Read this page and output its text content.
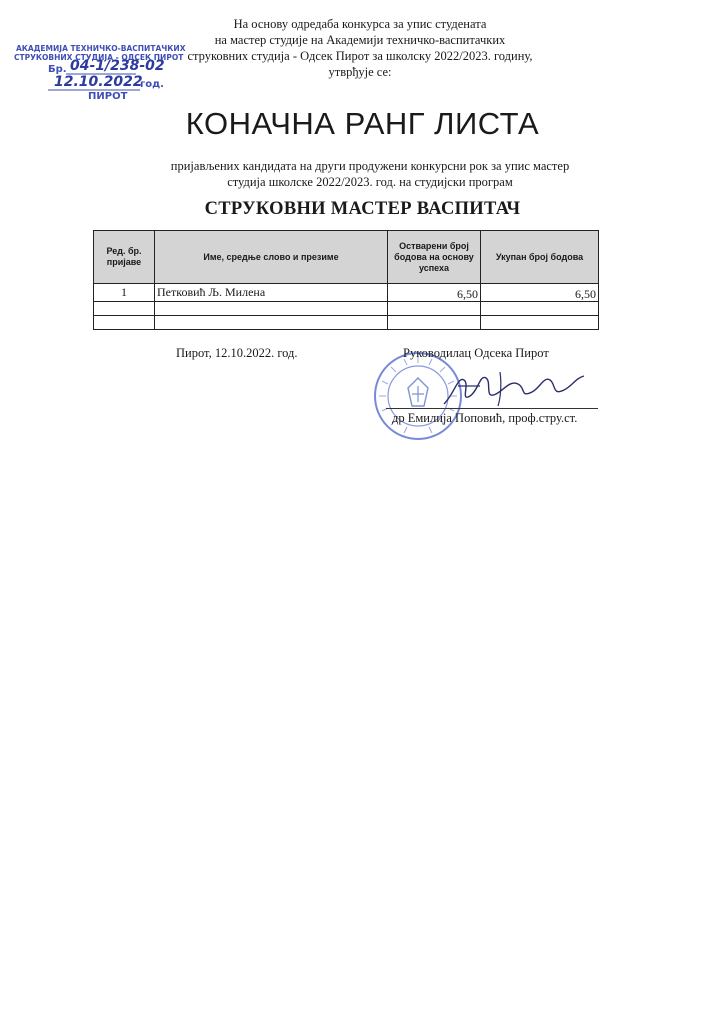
На основу одредаба конкурса за упис студената
на мастер студије на Академији техничко-васпитачких
струковних студија - Одсек Пирот за школску 2022/2023. годину,
утврђује се:
АКАДЕМИЈА ТЕХНИЧКО-ВАСПИТАЧКИХ
СТРУКОВНИХ СТУДИЈА - ОДСЕК ПИРОТ
Бр. 04-1/238-02
12.10.2022
год.
ПИРОТ
КОНАЧНА РАНГ ЛИСТА
пријављених кандидата на други продужени конкурсни рок за упис мастер
студија школске 2022/2023. год. на студијски програм
СТРУКОВНИ МАСТЕР ВАСПИТАЧ
Ред. бр. пријаве	Име, средње слово и презиме	Остварени број бодова на основу успеха	Укупан број бодова
1	Петковић Љ. Милена	6,50	6,50

Пирот, 12.10.2022. год.	Руководилац Одсека Пирот
др Емилија Поповић, проф.стру.ст.
